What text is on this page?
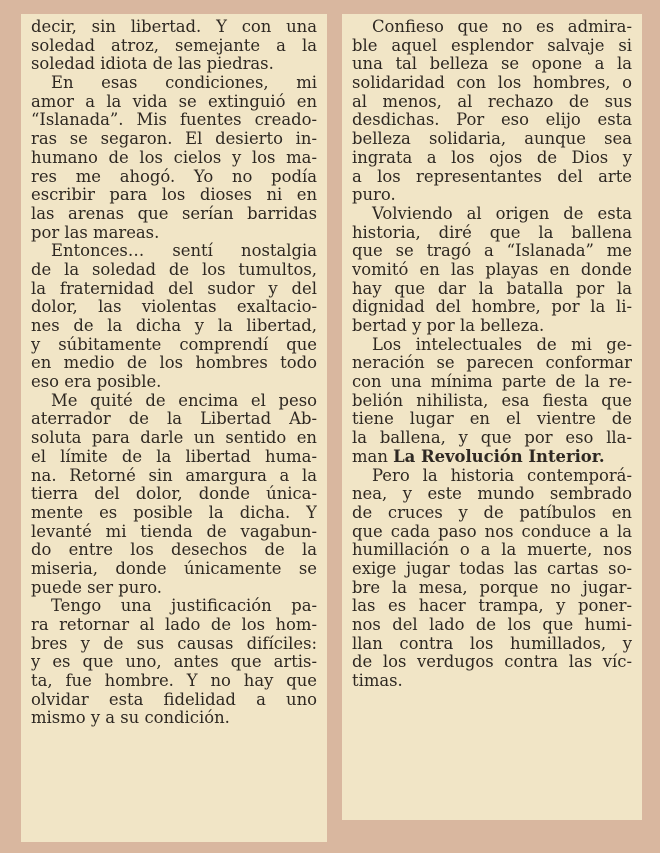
decir, sin libertad. Y con una
soledad atroz, semejante a la
soledad idiota de las piedras.
En esas condiciones, mi
amor a la vida se extinguió en
“Islanada”. Mis fuentes creado-
ras se segaron. El desierto in-
humano de los cielos y los ma-
res me ahogó. Yo no podía
escribir para los dioses ni en
las arenas que serían barridas
por las mareas.
Entonces… sentí nostalgia
de la soledad de los tumultos,
la fraternidad del sudor y del
dolor, las violentas exaltacio-
nes de la dicha y la libertad,
y súbitamente comprendí que
en medio de los hombres todo
eso era posible.
Me quité de encima el peso
aterrador de la Libertad Ab-
soluta para darle un sentido en
el límite de la libertad huma-
na. Retorné sin amargura a la
tierra del dolor, donde única-
mente es posible la dicha. Y
levanté mi tienda de vagabun-
do entre los desechos de la
miseria, donde únicamente se
puede ser puro.
Tengo una justificación pa-
ra retornar al lado de los hom-
bres y de sus causas difíciles:
y es que uno, antes que artis-
ta, fue hombre. Y no hay que
olvidar esta fidelidad a uno
mismo y a su condición.
Confieso que no es admira-
ble aquel esplendor salvaje si
una tal belleza se opone a la
solidaridad con los hombres, o
al menos, al rechazo de sus
desdichas. Por eso elijo esta
belleza solidaria, aunque sea
ingrata a los ojos de Dios y
a los representantes del arte
puro.
Volviendo al origen de esta
historia, diré que la ballena
que se tragó a “Islanada” me
vomitó en las playas en donde
hay que dar la batalla por la
dignidad del hombre, por la li-
bertad y por la belleza.
Los intelectuales de mi ge-
neración se parecen conformar
con una mínima parte de la re-
belión nihilista, esa fiesta que
tiene lugar en el vientre de
la ballena, y que por eso lla-
man La Revolución Interior.
Pero la historia contemporá-
nea, y este mundo sembrado
de cruces y de patíbulos en
que cada paso nos conduce a la
humillación o a la muerte, nos
exige jugar todas las cartas so-
bre la mesa, porque no jugar-
las es hacer trampa, y poner-
nos del lado de los que humi-
llan contra los humillados, y
de los verdugos contra las víc-
timas.
